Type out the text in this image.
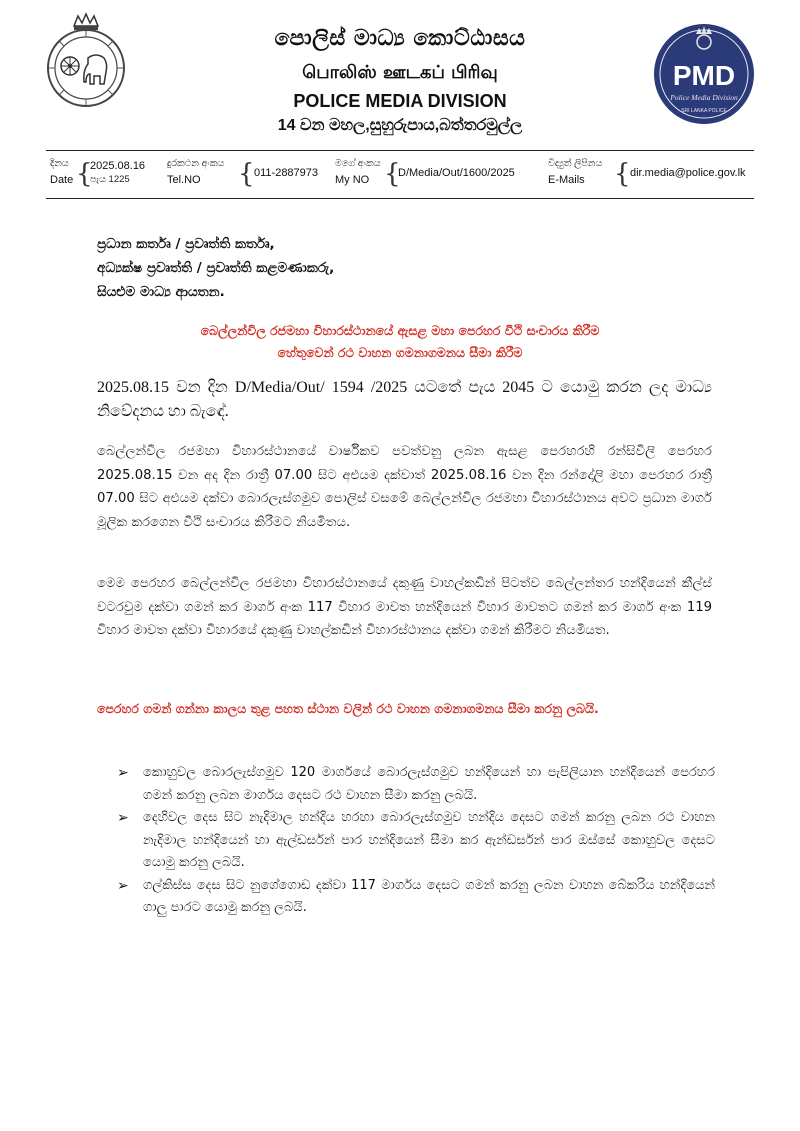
PMD
Police Media Division
SRI LANKA POLICE
පොලිස් මාධ්‍ය කොට්ඨාසය
பொலிஸ் ஊடகப் பிரிவு
POLICE MEDIA DIVISION
14 වන මහල,සුහුරුපාය,බත්තරමුල්ල
දිනය
Date {
2025.08.16
පැය 1225
දුරකථන අංකය
Tel.NO	{ 011-2887973
මගේ අංකය
My NO {
D/Media/Out/1600/2025
විද්‍යුත් ලිපිනය
E-Mails	{ dir.media@police.gov.lk
ප්‍රධාන කර්තෘ / ප්‍රවෘත්ති කර්තෘ,
අධ්‍යක්ෂ ප්‍රවෘත්ති / ප්‍රවෘත්ති කළමණාකරු,
සියළුම මාධ්‍ය ආයතන.
බෙල්ලන්විල රජමහා විහාරස්ථානයේ ඇසළ මහා පෙරහර වීථි සංචාරය කිරීම
හේතුවෙන් රථ වාහන ගමනාගමනය සීමා කිරීම
2025.08.15 වන දින D/Media/Out/ 1594 /2025 යටතේ පැය 2045 ට යොමු කරන ලද මාධ්‍ය නිවේදනය හා බැඳේ.
බෙල්ලන්විල රජමහා විහාරස්ථානයේ වාර්ෂිකව පවත්වනු ලබන ඇසළ පෙරහරහි රන්සිවිලි පෙරහර 2025.08.15 වන අද දින රාත්‍රී 07.00 සිට අළුයම දක්වාත් 2025.08.16 වන දින රන්දෝලි මහා පෙරහර රාත්‍රී 07.00 සිට අළුයම දක්වා බොරලැස්ගමුව පොලිස් වසමේ බෙල්ලන්විල රජමහා විහාරස්ථානය අවට ප්‍රධාන මාර්ග මූලික කරගෙන වීථි සංචාරය කිරීමට නියමිතය.
මෙම පෙරහර බෙල්ලන්විල රජමහා විහාරස්ථානයේ දකුණු වාහල්කඩින් පිටත්ව බෙල්ලන්තර හන්දියෙන් කීල්ස් වටරවුම දක්වා ගමන් කර මාර්ග අංක 117 විහාර මාවත හන්දියෙන් විහාර මාවතට ගමන් කර මාර්ග අංක 119 විහාර මාවත දක්වා විහාරයේ දකුණු වාහල්කඩින් විහාරස්ථානය දක්වා ගමන් කිරීමට නියමියත.
පෙරහර ගමන් ගන්නා කාලය තුළ පහත ස්ථාන වලින් රථ වාහන ගමනාගමනය සීමා කරනු ලබයි.
➢ කොහුවල බොරලැස්ගමුව 120 මාර්ගයේ බොරලැස්ගමුව හන්දියෙන් හා පැපිලියාන හන්දියෙන් පෙරහර ගමන් කරනු ලබන මාර්ගය දෙසට රථ වාහන සීමා කරනු ලබයි.
➢ දෙහිවල දෙස සිට නැදිමාල හන්දිය හරහා බොරලැස්ගමුව හන්දිය දෙසට ගමන් කරනු ලබන රථ වාහන නැදිමාල හන්දියෙන් හා ඇල්ඩර්සන් පාර හන්දියෙන් සීමා කර ඇන්ඩර්සන් පාර ඔස්සේ කොහුවල දෙසට යොමු කරනු ලබයි.
➢ ගල්කිස්ස දෙස සිට නුගේගොඩ දක්වා 117 මාර්ගය දෙසට ගමන් කරනු ලබන වාහන බේකරිය හන්දියෙන් ගාලු පාරට යොමු කරනු ලබයි.
